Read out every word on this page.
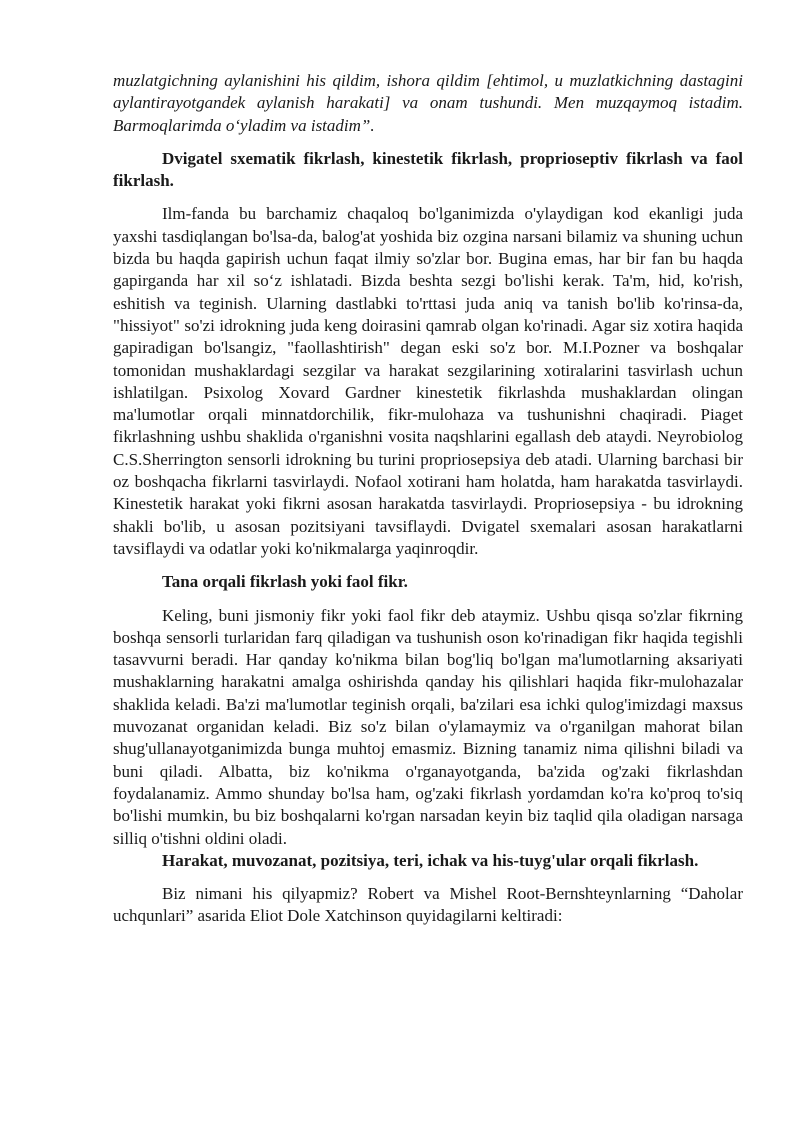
muzlatgichning aylanishini his qildim, ishora qildim [ehtimol, u muzlatkichning dastagini aylantirayotgandek aylanish harakati] va onam tushundi. Men muzqaymoq istadim. Barmoqlarimda o‘yladim va istadim”.

Dvigatel sxematik fikrlash, kinestetik fikrlash, proprioseptiv fikrlash va faol fikrlash.

Ilm-fanda bu barchamiz chaqaloq bo'lganimizda o'ylaydigan kod ekanligi juda yaxshi tasdiqlangan bo'lsa-da, balog'at yoshida biz ozgina narsani bilamiz va shuning uchun bizda bu haqda gapirish uchun faqat ilmiy so'zlar bor. Bugina emas, har bir fan bu haqda gapirganda har xil so‘z ishlatadi. Bizda beshta sezgi bo'lishi kerak. Ta'm, hid, ko'rish, eshitish va teginish. Ularning dastlabki to'rttasi juda aniq va tanish bo'lib ko'rinsa-da, "hissiyot" so'zi idrokning juda keng doirasini qamrab olgan ko'rinadi. Agar siz xotira haqida gapiradigan bo'lsangiz, "faollashtirish" degan eski so'z bor. M.I.Pozner va boshqalar tomonidan mushaklardagi sezgilar va harakat sezgilarining xotiralarini tasvirlash uchun ishlatilgan. Psixolog Xovard Gardner kinestetik fikrlashda mushaklardan olingan ma'lumotlar orqali minnatdorchilik, fikr-mulohaza va tushunishni chaqiradi. Piaget fikrlashning ushbu shaklida o'rganishni vosita naqshlarini egallash deb ataydi. Neyrobiolog C.S.Sherrington sensorli idrokning bu turini propriosepsiya deb atadi. Ularning barchasi bir oz boshqacha fikrlarni tasvirlaydi. Nofaol xotirani ham holatda, ham harakatda tasvirlaydi. Kinestetik harakat yoki fikrni asosan harakatda tasvirlaydi. Propriosepsiya - bu idrokning shakli bo'lib, u asosan pozitsiyani tavsiflaydi. Dvigatel sxemalari asosan harakatlarni tavsiflaydi va odatlar yoki ko'nikmalarga yaqinroqdir.

Tana orqali fikrlash yoki faol fikr.

Keling, buni jismoniy fikr yoki faol fikr deb ataymiz. Ushbu qisqa so'zlar fikrning boshqa sensorli turlaridan farq qiladigan va tushunish oson ko'rinadigan fikr haqida tegishli tasavvurni beradi. Har qanday ko'nikma bilan bog'liq bo'lgan ma'lumotlarning aksariyati mushaklarning harakatni amalga oshirishda qanday his qilishlari haqida fikr-mulohazalar shaklida keladi. Ba'zi ma'lumotlar teginish orqali, ba'zilari esa ichki qulog'imizdagi maxsus muvozanat organidan keladi. Biz so'z bilan o'ylamaymiz va o'rganilgan mahorat bilan shug'ullanayotganimizda bunga muhtoj emasmiz. Bizning tanamiz nima qilishni biladi va buni qiladi. Albatta, biz ko'nikma o'rganayotganda, ba'zida og'zaki fikrlashdan foydalanamiz. Ammo shunday bo'lsa ham, og'zaki fikrlash yordamdan ko'ra ko'proq to'siq bo'lishi mumkin, bu biz boshqalarni ko'rgan narsadan keyin biz taqlid qila oladigan narsaga silliq o'tishni oldini oladi.

Harakat, muvozanat, pozitsiya, teri, ichak va his-tuyg'ular orqali fikrlash.

Biz nimani his qilyapmiz? Robert va Mishel Root-Bernshteynlarning “Daholar uchqunlari” asarida Eliot Dole Xatchinson quyidagilarni keltiradi:
